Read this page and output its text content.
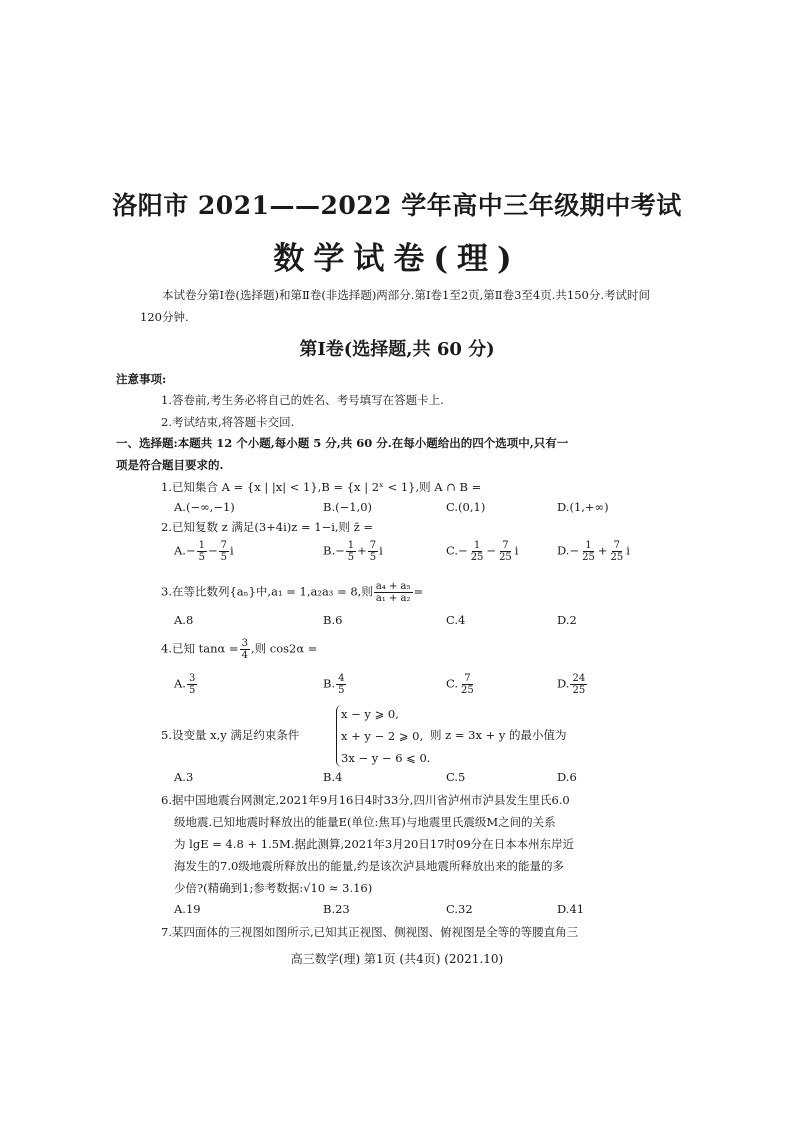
洛阳市 2021——2022 学年高中三年级期中考试
数学试卷(理)
本试卷分第Ⅰ卷(选择题)和第Ⅱ卷(非选择题)两部分.第Ⅰ卷1至2页,第Ⅱ卷3至4页.共150分.考试时间120分钟.
第Ⅰ卷(选择题,共 60 分)
注意事项:
1.答卷前,考生务必将自己的姓名、考号填写在答题卡上.
2.考试结束,将答题卡交回.
一、选择题:本题共 12 个小题,每小题 5 分,共 60 分.在每小题给出的四个选项中,只有一
项是符合题目要求的.
1.已知集合 A = {x | |x| < 1},B = {x | 2ˣ < 1},则 A ∩ B =
A.(−∞,−1)	B.(−1,0)	C.(0,1)	D.(1,+∞)
2.已知复数 z 满足(3+4i)z = 1−i,则 z̄ =
$A.- \frac{1}{5} - \frac{7}{5}$ i	$B.- \frac{1}{5} + \frac{7}{5}$ i	$C.- \frac{1}{25} - \frac{7}{25}$ i	$D.- \frac{1}{25} + \frac{7}{25}$ i
3.在等比数列{aₙ}中,a₁ = 1,a₂a₃ = 8,则 $\frac{\text{a₄ + a₅}}{\text{a₁ + a₂}}$ =
A.8	B.6	C.4	D.2
4.已知 $\tan\alpha = \frac{3}{4}$ ,则 cos2α =
A. $\frac{3}{5}$	B. $\frac{4}{5}$	C. $\frac{7}{25}$	D. $\frac{24}{25}$
5.设变量 x,y 满足约束条件
x − y ⩾ 0,
x + y − 2 ⩾ 0,
3x − y − 6 ⩽ 0.
则 z = 3x + y 的最小值为
A.3	B.4	C.5	D.6
6.据中国地震台网测定,2021年9月16日4时33分,四川省泸州市泸县发生里氏6.0
级地震.已知地震时释放出的能量E(单位:焦耳)与地震里氏震级M之间的关系
为 lgE = 4.8 + 1.5M.据此测算,2021年3月20日17时09分在日本本州东岸近
海发生的7.0级地震所释放出的能量,约是该次泸县地震所释放出来的能量的多
少倍?(精确到1;参考数据:√10 ≈ 3.16)
A.19	B.23	C.32	D.41
7.某四面体的三视图如图所示,已知其正视图、侧视图、俯视图是全等的等腰直角三
高三数学(理) 第1页 (共4页) (2021.10)
